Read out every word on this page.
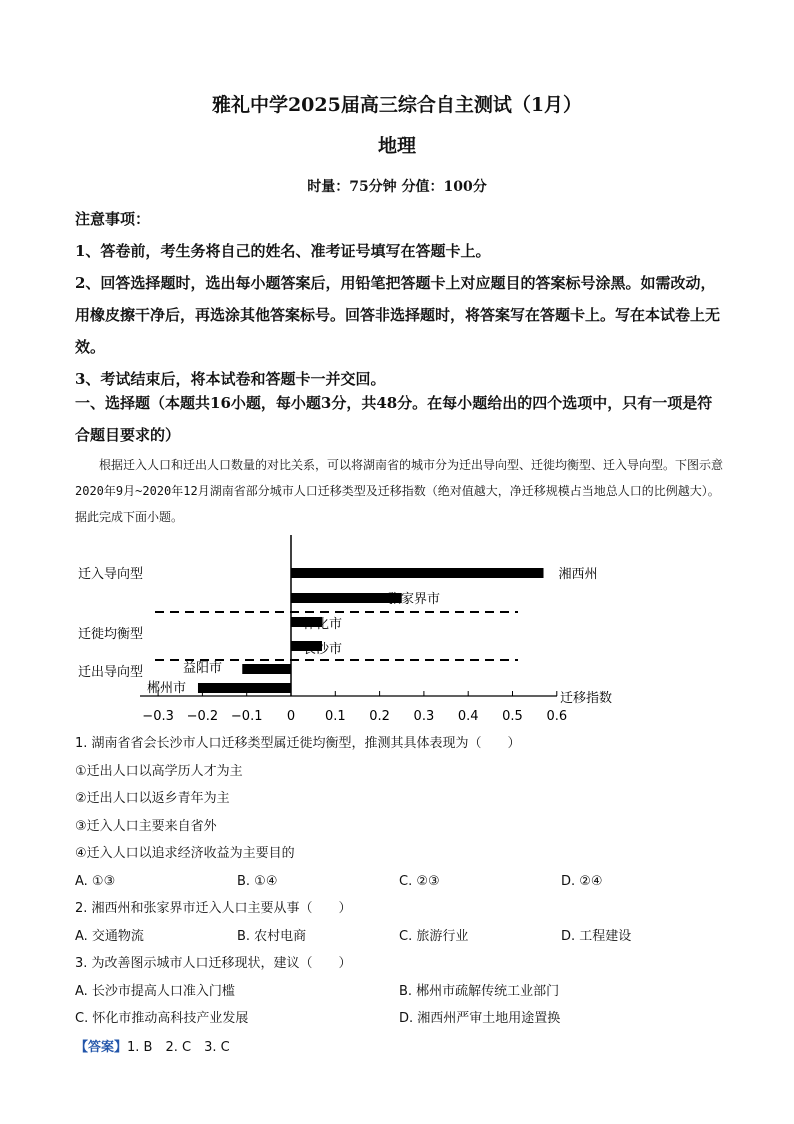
雅礼中学2025届高三综合自主测试（1月）
地理
时量：75分钟 分值：100分

注意事项：

1、答卷前，考生务将自己的姓名、准考证号填写在答题卡上。

2、回答选择题时，选出每小题答案后，用铅笔把答题卡上对应题目的答案标号涂黑。如需改动，用橡皮擦干净后，再选涂其他答案标号。回答非选择题时，将答案写在答题卡上。写在本试卷上无效。

3、考试结束后，将本试卷和答题卡一并交回。

一、选择题（本题共16小题，每小题3分，共48分。在每小题给出的四个选项中，只有一项是符合题目要求的）
根据迁入人口和迁出人口数量的对比关系，可以将湖南省的城市分为迁出导向型、迁徙均衡型、迁入导向型。下图示意2020年9月~2020年12月湖南省部分城市人口迁移类型及迁移指数（绝对值越大，净迁移规模占当地总人口的比例越大）。据此完成下面小题。
迁入导向型
迁徙均衡型
迁出导向型
迁移指数
湘西州
张家界市
怀化市
长沙市
益阳市
郴州市
−0.3 −0.2 −0.1 0 0.1 0.2 0.3 0.4 0.5 0.6
1. 湖南省省会长沙市人口迁移类型属迁徙均衡型，推测其具体表现为（　　）
①迁出人口以高学历人才为主
②迁出人口以返乡青年为主
③迁入人口主要来自省外
④迁入人口以追求经济收益为主要目的
A. ①③	B. ①④	C. ②③	D. ②④
2. 湘西州和张家界市迁入人口主要从事（　　）
A. 交通物流	B. 农村电商	C. 旅游行业	D. 工程建设
3. 为改善图示城市人口迁移现状，建议（　　）
A. 长沙市提高人口准入门槛	B. 郴州市疏解传统工业部门
C. 怀化市推动高科技产业发展	D. 湘西州严审土地用途置换
【答案】1. B　2. C　3. C
